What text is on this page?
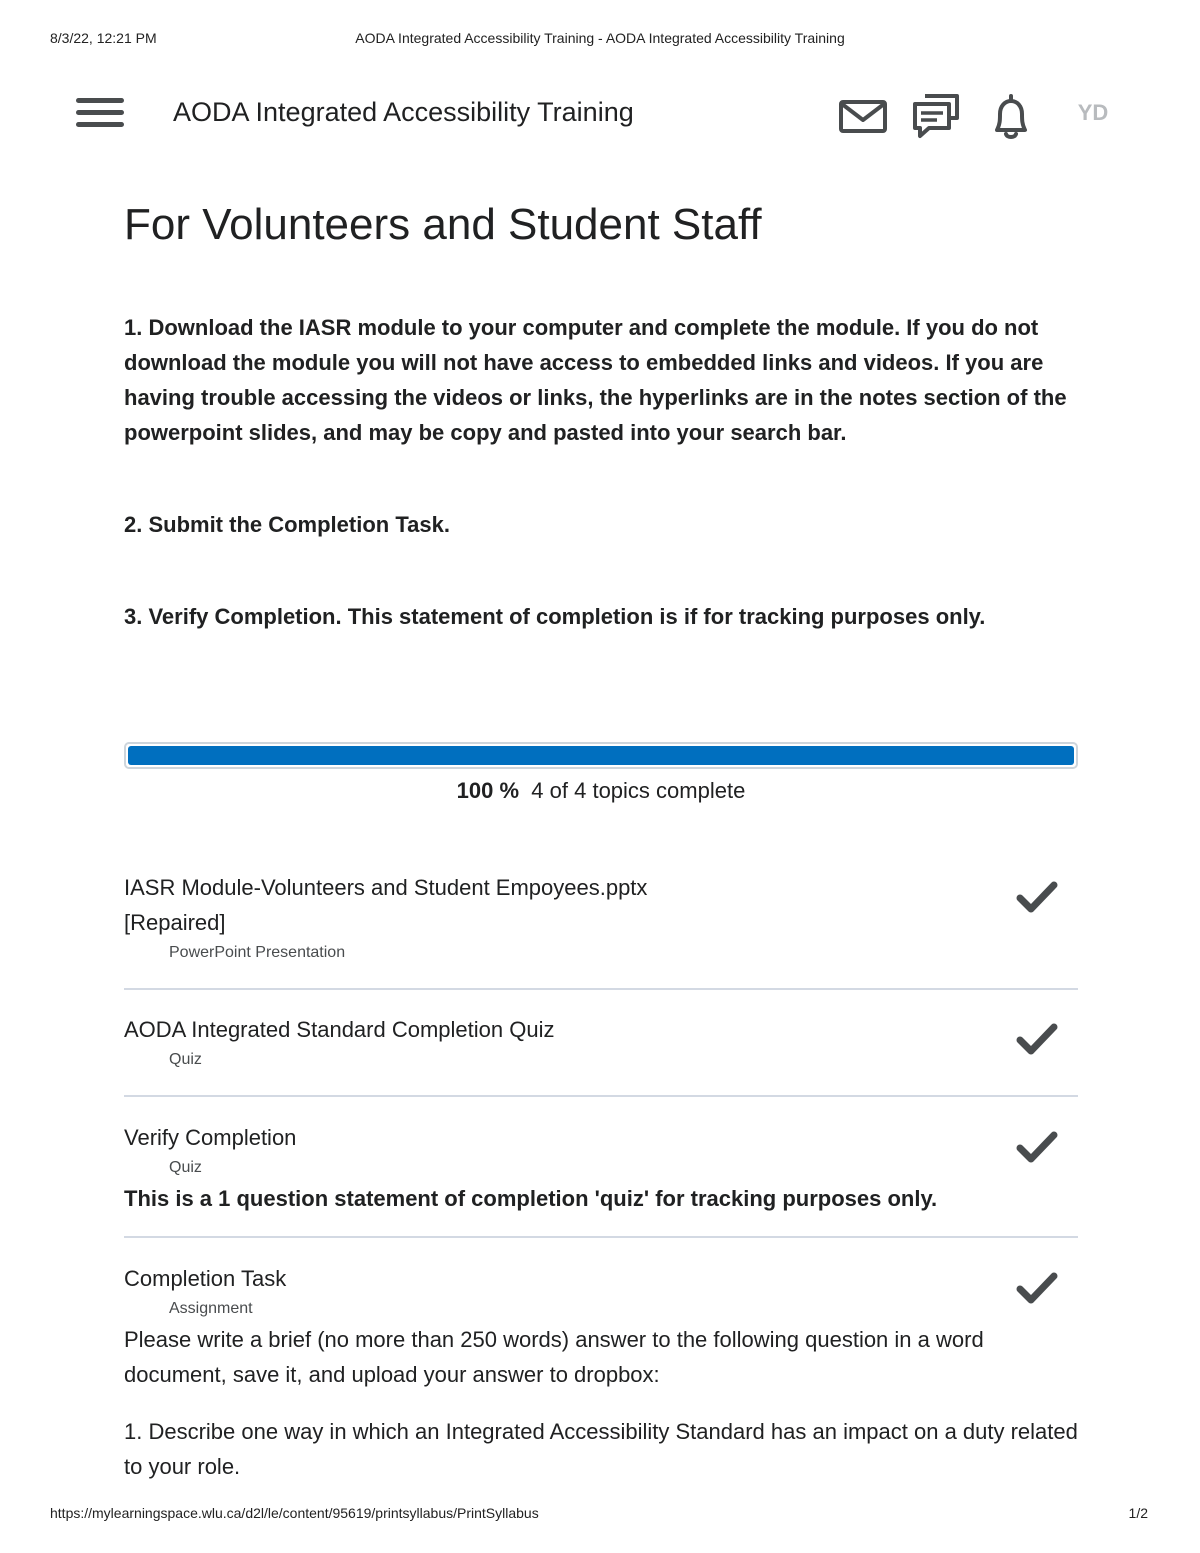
8/3/22, 12:21 PM	AODA Integrated Accessibility Training - AODA Integrated Accessibility Training
AODA Integrated Accessibility Training	YD
For Volunteers and Student Staff

1. Download the IASR module to your computer and complete the module. If you do not download the module you will not have access to embedded links and videos. If you are having trouble accessing the videos or links, the hyperlinks are in the notes section of the powerpoint slides, and may be copy and pasted into your search bar.

2. Submit the Completion Task.

3. Verify Completion. This statement of completion is if for tracking purposes only.

100 % 4 of 4 topics complete
IASR Module-Volunteers and Student Empoyees.pptx [Repaired]
PowerPoint Presentation
AODA Integrated Standard Completion Quiz
Quiz
Verify Completion
Quiz
This is a 1 question statement of completion 'quiz' for tracking purposes only.
Completion Task
Assignment
Please write a brief (no more than 250 words) answer to the following question in a word document, save it, and upload your answer to dropbox:
1. Describe one way in which an Integrated Accessibility Standard has an impact on a duty related to your role.
https://mylearningspace.wlu.ca/d2l/le/content/95619/printsyllabus/PrintSyllabus	1/2
